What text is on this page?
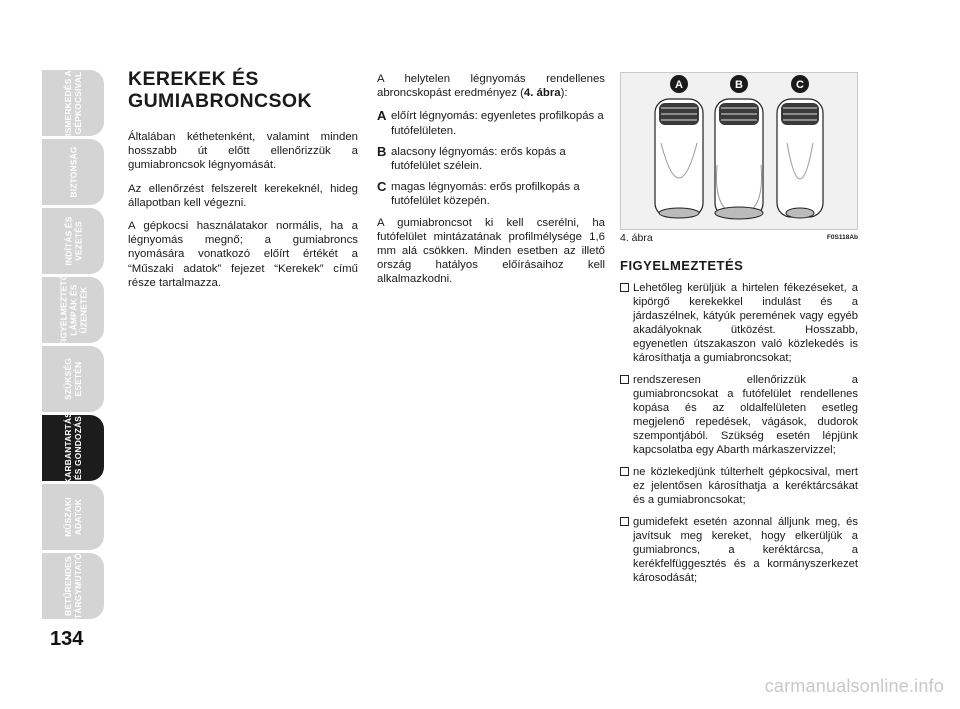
ISMERKEDÉS A
GÉPKOCSIVAL
BIZTONSÁG
INDÍTÁS ÉS
VEZETÉS
FIGYELMEZTETŐ
LÁMPÁK ÉS
ÜZENETEK
SZÜKSÉG
ESETÉN
KARBANTARTÁS
ÉS GONDOZÁS
MŰSZAKI
ADATOK
BETŰRENDES
TÁRGYMUTATÓ
134
KEREKEK ÉS
GUMIABRONCSOK

Általában kéthetenként, valamint minden hosszabb út előtt ellenőrizzük a gumiabroncsok légnyomását.

Az ellenőrzést felszerelt kerekeknél, hideg állapotban kell végezni.

A gépkocsi használatakor normális, ha a légnyomás megnő; a gumiabroncs nyomására vonatkozó előírt értékét a “Műszaki adatok” fejezet “Kerekek” című része tartalmazza.

A helytelen légnyomás rendellenes abroncskopást eredményez (4. ábra):

A előírt légnyomás: egyenletes profilkopás a futófelületen.
B alacsony légnyomás: erős kopás a futófelület szélein.
C magas légnyomás: erős profilkopás a futófelület közepén.

A gumiabroncsot ki kell cserélni, ha futófelület mintázatának profilmélysége 1,6 mm alá csökken. Minden esetben az illető ország hatályos előírásaihoz kell alkalmazkodni.

A	B	C
4. ábra	F0S118Ab
FIGYELMEZTETÉS
Lehetőleg kerüljük a hirtelen fékezéseket, a kipörgő kerekekkel indulást és a járdaszélnek, kátyúk peremének vagy egyéb akadályoknak ütközést. Hosszabb, egyenetlen útszakaszon való közlekedés is károsíthatja a gumiabroncsokat;
rendszeresen ellenőrizzük a gumiabroncsokat a futófelület rendellenes kopása és az oldalfelületen esetleg megjelenő repedések, vágások, dudorok szempontjából. Szükség esetén lépjünk kapcsolatba egy Abarth márkaszervizzel;
ne közlekedjünk túlterhelt gépkocsival, mert ez jelentősen károsíthatja a keréktárcsákat és a gumiabroncsokat;
gumidefekt esetén azonnal álljunk meg, és javítsuk meg kereket, hogy elkerüljük a gumiabroncs, a keréktárcsa, a kerékfelfüggesztés és a kormányszerkezet károsodását;
carmanualsonline.info
